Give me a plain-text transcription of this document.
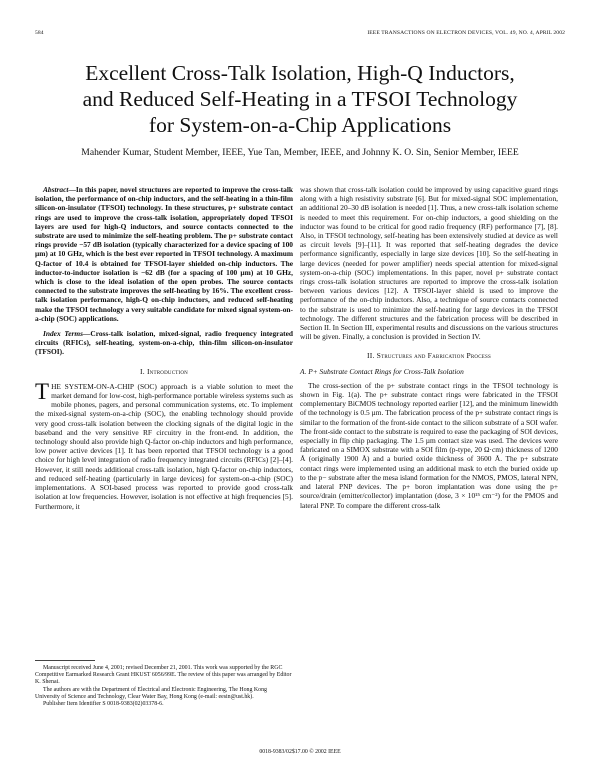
584	IEEE TRANSACTIONS ON ELECTRON DEVICES, VOL. 49, NO. 4, APRIL 2002
Excellent Cross-Talk Isolation, High-Q Inductors,
and Reduced Self-Heating in a TFSOI Technology
for System-on-a-Chip Applications
Mahender Kumar, Student Member, IEEE, Yue Tan, Member, IEEE, and Johnny K. O. Sin, Senior Member, IEEE

Abstract—In this paper, novel structures are reported to improve the cross-talk isolation, the performance of on-chip inductors, and the self-heating in a thin-film silicon-on-insulator (TFSOI) technology. In these structures, p+ substrate contact rings are used to improve the cross-talk isolation, appropriately doped TFSOI layers are used for high-Q inductors, and source contacts connected to the substrate are used to minimize the self-heating problem. The p+ substrate contact rings provide −57 dB isolation (typically characterized for a device spacing of 100 µm) at 10 GHz, which is the best ever reported in TFSOI technology. A maximum Q-factor of 10.4 is obtained for TFSOI-layer shielded on-chip inductors. The inductor-to-inductor isolation is −62 dB (for a spacing of 100 µm) at 10 GHz, which is close to the ideal isolation of the open probes. The source contacts connected to the substrate improves the self-heating by 16%. The excellent cross-talk isolation performance, high-Q on-chip inductors, and reduced self-heating make the TFSOI technology a very suitable candidate for mixed signal system-on-a-chip (SOC) applications.

Index Terms—Cross-talk isolation, mixed-signal, radio frequency integrated circuits (RFICs), self-heating, system-on-a-chip, thin-film silicon-on-insulator (TFSOI).

I. Introduction

THE SYSTEM-ON-A-CHIP (SOC) approach is a viable solution to meet the market demand for low-cost, high-performance portable wireless systems such as mobile phones, pagers, and personal communication systems, etc. To implement the mixed-signal system-on-a-chip (SOC), the enabling technology should provide very good cross-talk isolation between the clocking signals of the digital logic in the baseband and the very sensitive RF circuitry in the front-end. In addition, the technology should also provide high Q-factor on-chip inductors and high performance, low power active devices [1]. It has been reported that TFSOI technology is a good choice for high level integration of radio frequency integrated circuits (RFICs) [2]–[4]. However, it still needs additional cross-talk isolation, high Q-factor on-chip inductors, and reduced self-heating (particularly in large devices) for system-on-a-chip (SOC) implementations. A SOI-based process was reported to provide good cross-talk isolation at low frequencies. However, isolation is not effective at high frequencies [5]. Furthermore, it

was shown that cross-talk isolation could be improved by using capacitive guard rings along with a high resistivity substrate [6]. But for mixed-signal SOC implementation, an additional 20–30 dB isolation is needed [1]. Thus, a new cross-talk isolation scheme is needed to meet this requirement. For on-chip inductors, a good shielding on the inductor was found to be critical for good radio frequency (RF) performance [7], [8]. Also, in TFSOI technology, self-heating has been extensively studied at device as well as circuit levels [9]–[11]. It was reported that self-heating degrades the device performance significantly, especially in large size devices [10]. So the self-heating in large devices (needed for power amplifier) needs special attention for mixed-signal system-on-a-chip (SOC) implementations. In this paper, novel p+ substrate contact rings cross-talk isolation structures are reported to improve the cross-talk isolation between various devices [12]. A TFSOI-layer shield is used to improve the performance of the on-chip inductors. Also, a technique of source contacts connected to the substrate is used to minimize the self-heating for large devices in the TFSOI technology. The different structures and the fabrication process will be described in Section II. In Section III, experimental results and discussions on the various structures will be given. Finally, a conclusion is provided in Section IV.

II. Structures and Fabrication Process

A. P+ Substrate Contact Rings for Cross-Talk Isolation

The cross-section of the p+ substrate contact rings in the TFSOI technology is shown in Fig. 1(a). The p+ substrate contact rings were fabricated in the TFSOI complementary BiCMOS technology reported earlier [12], and the minimum linewidth of the technology is 0.5 µm. The fabrication process of the p+ substrate contact rings is similar to the formation of the front-side contact to the silicon substrate of a SOI wafer. The front-side contact to the substrate is required to ease the packaging of SOI devices, especially in flip chip packaging. The 1.5 µm contact size was used. The devices were fabricated on a SIMOX substrate with a SOI film (p-type, 20 Ω·cm) thickness of 1200 Å (originally 1900 Å) and a buried oxide thickness of 3600 Å. The p+ substrate contact rings were implemented using an additional mask to etch the buried oxide up to the p− substrate after the mesa island formation for the NMOS, PMOS, lateral NPN, and lateral PNP devices. The p+ boron implantation was done using the p+ source/drain (emitter/collector) implantation (dose, 3 × 10¹⁵ cm⁻²) for the PMOS and lateral PNP. To compare the different cross-talk

Manuscript received June 4, 2001; revised December 21, 2001. This work was supported by the RGC Competitive Earmarked Research Grant HKUST 6056/99E. The review of this paper was arranged by Editor K. Shenai.

The authors are with the Department of Electrical and Electronic Engineering, The Hong Kong University of Science and Technology, Clear Water Bay, Hong Kong (e-mail: eesin@ust.hk).

Publisher Item Identifier S 0018-9383(02)03378-6.

0018-9383/02$17.00 © 2002 IEEE
